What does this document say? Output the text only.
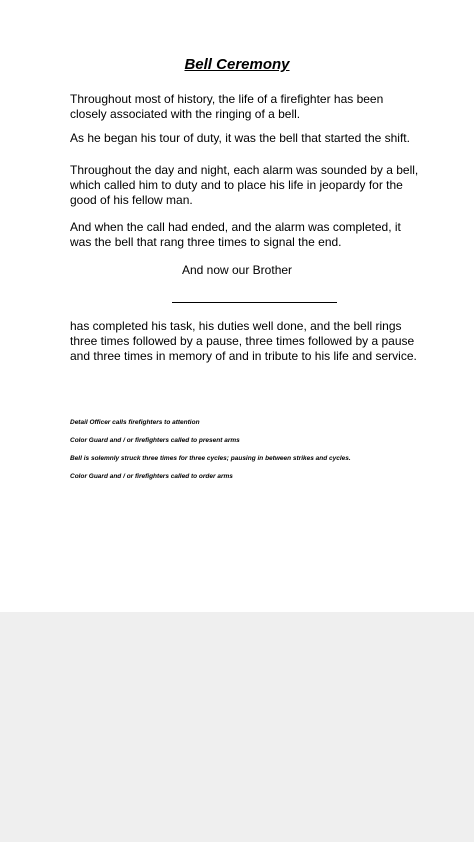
Bell Ceremony

Throughout most of history, the life of a firefighter has been closely associated with the ringing of a bell.

As he began his tour of duty, it was the bell that started the shift.

Throughout the day and night, each alarm was sounded by a bell, which called him to duty and to place his life in jeopardy for the good of his fellow man.

And when the call had ended, and the alarm was completed, it was the bell that rang three times to signal the end.

And now our Brother

has completed his task, his duties well done, and the bell rings three times followed by a pause, three times followed by a pause and three times in memory of and in tribute to his life and service.

Detail Officer calls firefighters to attention

Color Guard and / or firefighters called to present arms

Bell is solemnly struck three times for three cycles; pausing in between strikes and cycles.

Color Guard and / or firefighters called to order arms
